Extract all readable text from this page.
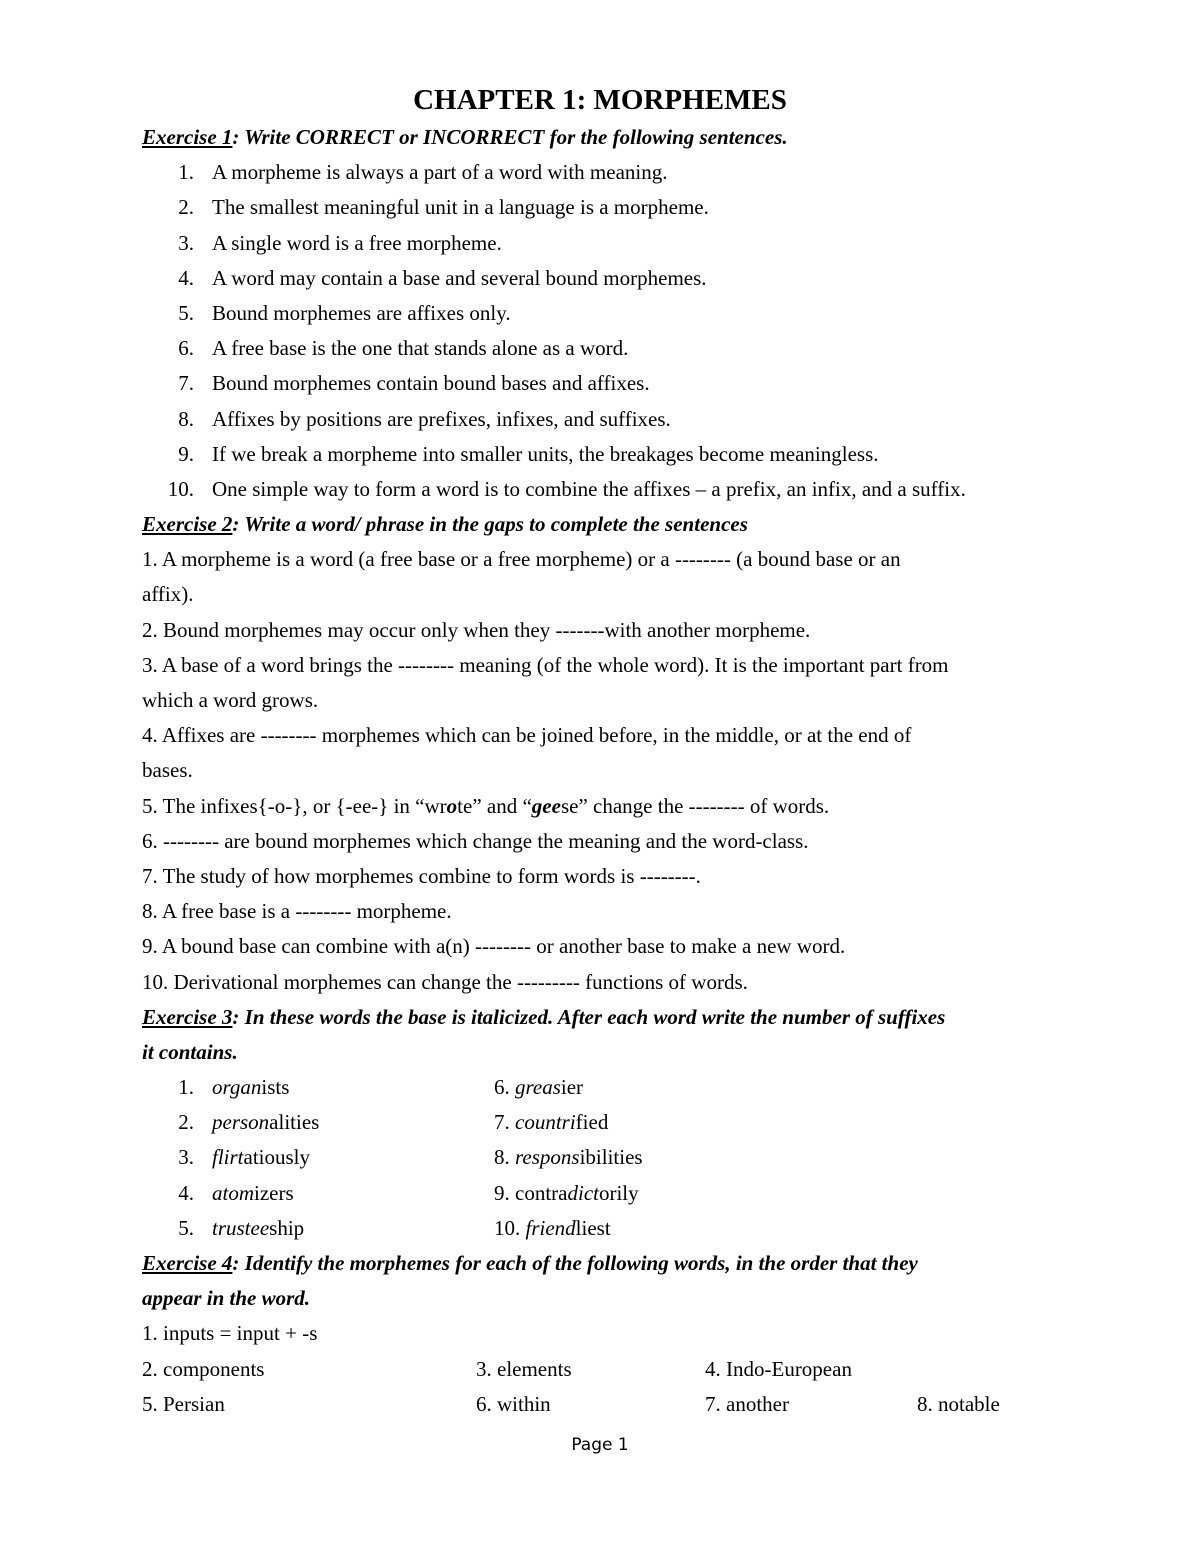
CHAPTER 1: MORPHEMES
Exercise 1: Write CORRECT or INCORRECT for the following sentences.
1. A morpheme is always a part of a word with meaning.
2. The smallest meaningful unit in a language is a morpheme.
3. A single word is a free morpheme.
4. A word may contain a base and several bound morphemes.
5. Bound morphemes are affixes only.
6. A free base is the one that stands alone as a word.
7. Bound morphemes contain bound bases and affixes.
8. Affixes by positions are prefixes, infixes, and suffixes.
9. If we break a morpheme into smaller units, the breakages become meaningless.
10. One simple way to form a word is to combine the affixes – a prefix, an infix, and a suffix.
Exercise 2: Write a word/ phrase in the gaps to complete the sentences
1. A morpheme is a word (a free base or a free morpheme) or a -------- (a bound base or an
affix).
2. Bound morphemes may occur only when they -------with another morpheme.
3. A base of a word brings the -------- meaning (of the whole word). It is the important part from
which a word grows.
4. Affixes are -------- morphemes which can be joined before, in the middle, or at the end of
bases.
5. The infixes{-o-}, or {-ee-} in “wrote” and “geese” change the -------- of words.
6. -------- are bound morphemes which change the meaning and the word-class.
7. The study of how morphemes combine to form words is --------.
8. A free base is a -------- morpheme.
9. A bound base can combine with a(n) -------- or another base to make a new word.
10. Derivational morphemes can change the --------- functions of words.
Exercise 3: In these words the base is italicized. After each word write the number of suffixes
it contains.
1. organists	6. greasier
2. personalities	7. countrified
3. flirtatiously	8. responsibilities
4. atomizers	9. contradictorily
5. trusteeship	10. friendliest
Exercise 4: Identify the morphemes for each of the following words, in the order that they
appear in the word.
1. inputs = input + -s
2. components	3. elements	4. Indo-European
5. Persian	6. within	7. another	8. notable
Page 1
